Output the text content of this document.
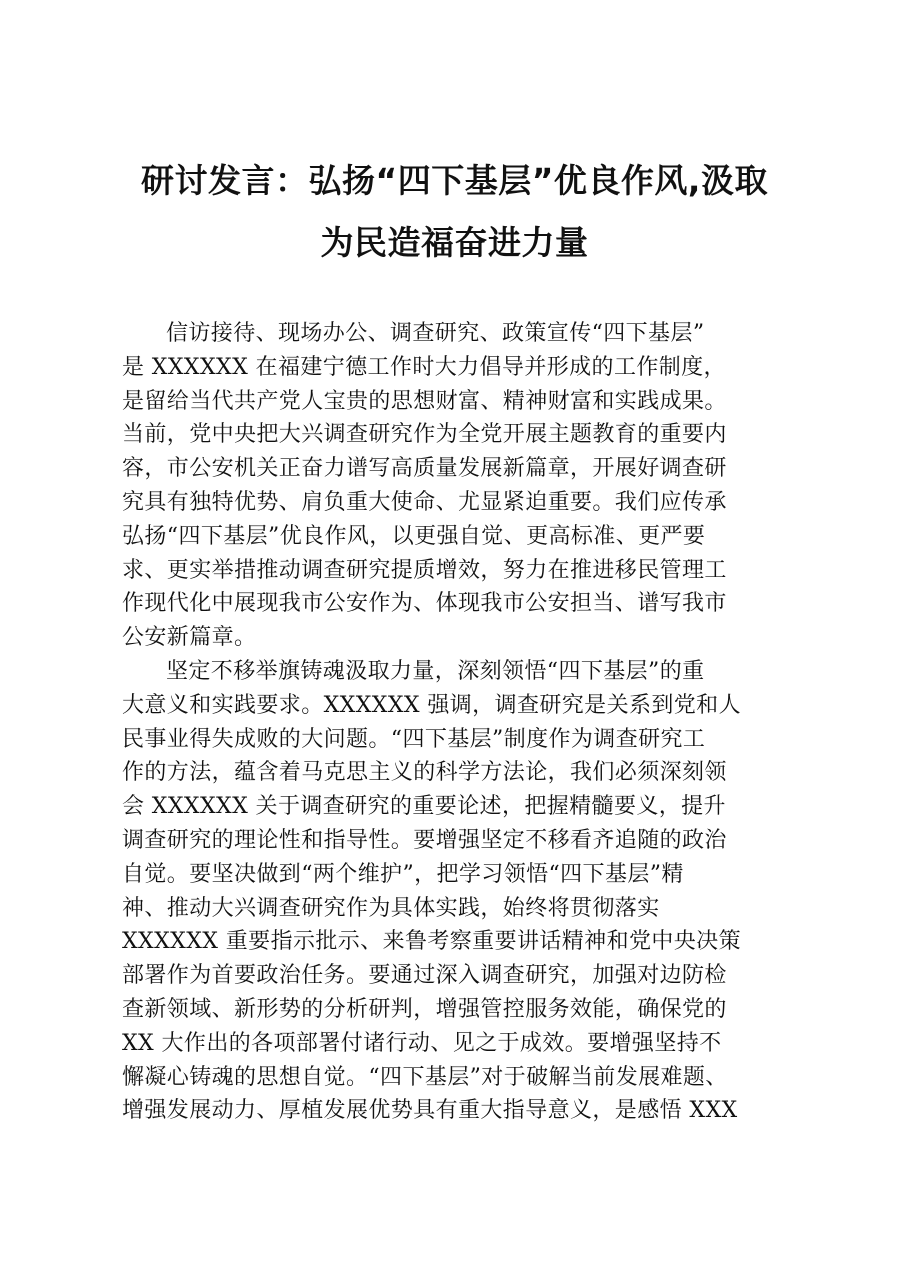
研讨发言：弘扬“四下基层”优良作风,汲取
为民造福奋进力量
信访接待、现场办公、调查研究、政策宣传“四下基层”
是 XXXXXX 在福建宁德工作时大力倡导并形成的工作制度，
是留给当代共产党人宝贵的思想财富、精神财富和实践成果。
当前，党中央把大兴调查研究作为全党开展主题教育的重要内
容，市公安机关正奋力谱写高质量发展新篇章，开展好调查研
究具有独特优势、肩负重大使命、尤显紧迫重要。我们应传承
弘扬“四下基层”优良作风，以更强自觉、更高标准、更严要
求、更实举措推动调查研究提质增效，努力在推进移民管理工
作现代化中展现我市公安作为、体现我市公安担当、谱写我市
公安新篇章。
坚定不移举旗铸魂汲取力量，深刻领悟“四下基层”的重
大意义和实践要求。XXXXXX 强调，调查研究是关系到党和人
民事业得失成败的大问题。“四下基层”制度作为调查研究工
作的方法，蕴含着马克思主义的科学方法论，我们必须深刻领
会 XXXXXX 关于调查研究的重要论述，把握精髓要义，提升
调查研究的理论性和指导性。要增强坚定不移看齐追随的政治
自觉。要坚决做到“两个维护”，把学习领悟“四下基层”精
神、推动大兴调查研究作为具体实践，始终将贯彻落实
XXXXXX 重要指示批示、来鲁考察重要讲话精神和党中央决策
部署作为首要政治任务。要通过深入调查研究，加强对边防检
查新领域、新形势的分析研判，增强管控服务效能，确保党的
XX 大作出的各项部署付诸行动、见之于成效。要增强坚持不
懈凝心铸魂的思想自觉。“四下基层”对于破解当前发展难题、
增强发展动力、厚植发展优势具有重大指导意义，是感悟 XXX
